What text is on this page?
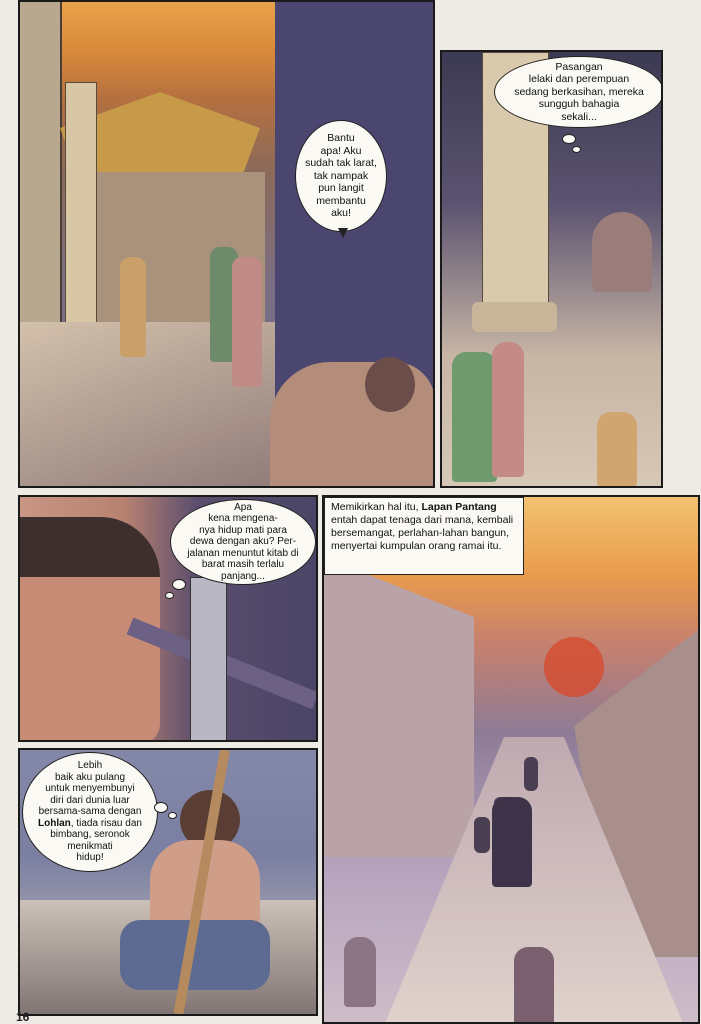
Bantu
apa! Aku
sudah tak larat,
tak nampak
pun langit
membantu
aku!
Pasangan
lelaki dan perempuan
sedang berkasihan, mereka
sungguh bahagia
sekali...
Apa
kena mengena-
nya hidup mati para
dewa dengan aku? Per-
jalanan menuntut kitab di
barat masih terlalu
panjang...
Memikirkan hal itu, Lapan Pantang entah dapat tenaga dari mana, kembali bersemangat, perlahan-lahan bangun, menyertai kumpulan orang ramai itu.
Lebih
baik aku pulang
untuk menyembunyi
diri dari dunia luar
bersama-sama dengan
Lohlan, tiada risau dan
bimbang, seronok
menikmati
hidup!
16
